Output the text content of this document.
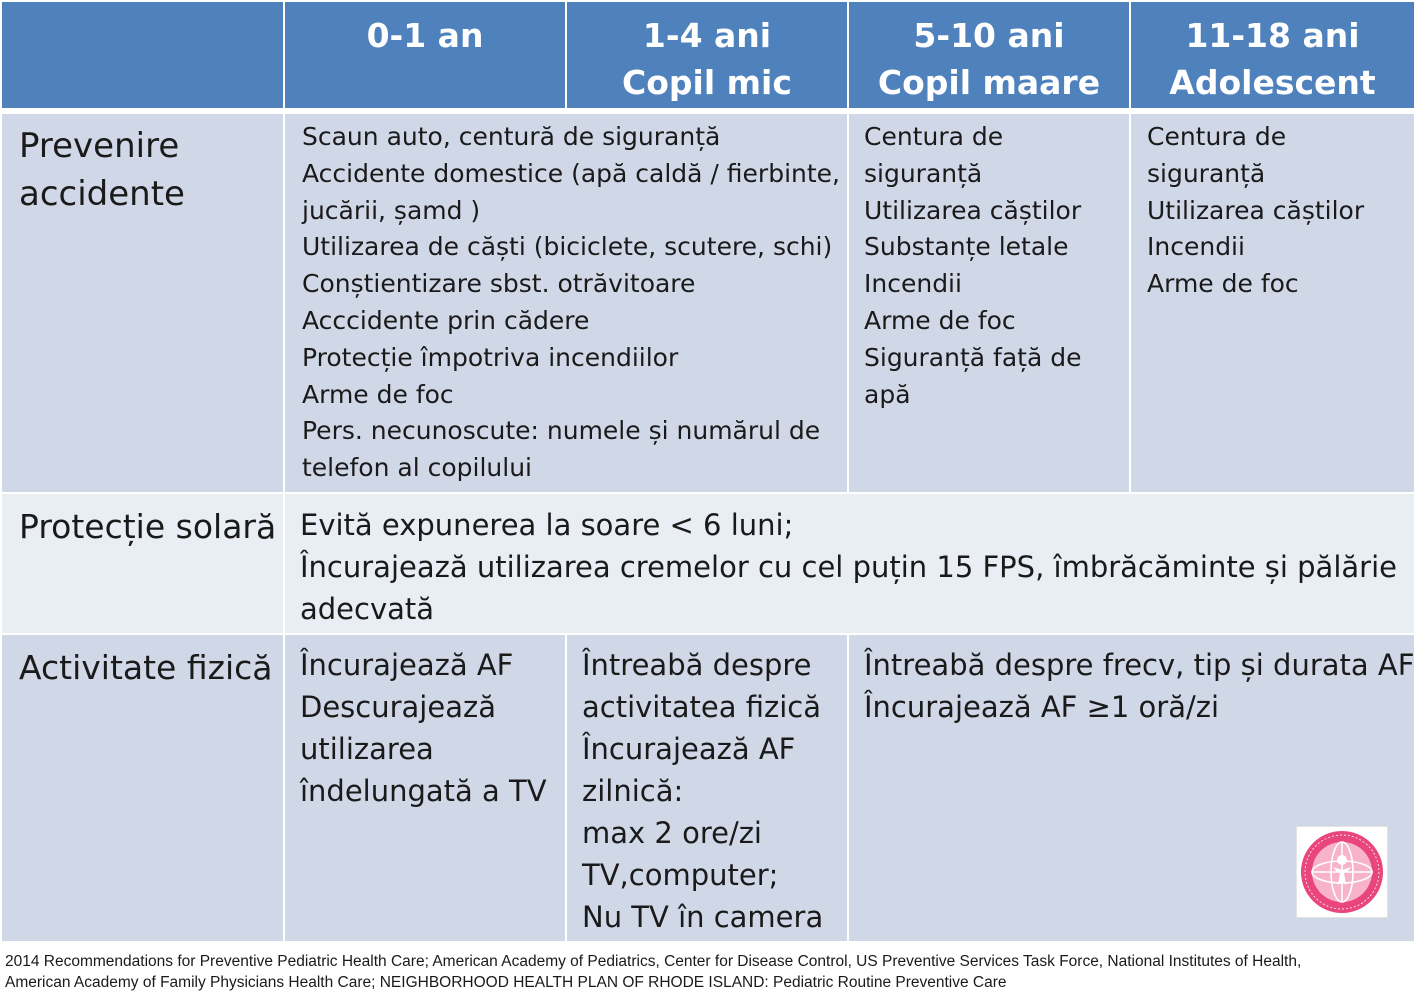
0-1 an	1-4 ani
Copil mic
5-10 ani
Copil maare
11-18 ani
Adolescent
Prevenire
accidente
Scaun auto, centură de siguranță
Accidente domestice (apă caldă / fierbinte,
jucării, șamd )
Utilizarea de căști (biciclete, scutere, schi)
Conștientizare sbst. otrăvitoare
Acccidente prin cădere
Protecție împotriva incendiilor
Arme de foc
Pers. necunoscute: numele și numărul de
telefon al copilului
Centura de
siguranță
Utilizarea căștilor
Substanțe letale
Incendii
Arme de foc
Siguranță față de
apă
Centura de
siguranță
Utilizarea căștilor
Incendii
Arme de foc
Protecție solară Evită expunerea la soare < 6 luni;
Încurajează utilizarea cremelor cu cel puțin 15 FPS, îmbrăcăminte și pălărie
adecvată
Activitate fizică Încurajează AF
Descurajează
utilizarea
îndelungată a TV
Întreabă despre
activitatea fizică
Încurajează AF
zilnică:
max 2 ore/zi
TV,computer;
Nu TV în camera
Întreabă despre frecv, tip și durata AF
Încurajează AF ≥1 oră/zi
2014 Recommendations for Preventive Pediatric Health Care; American Academy of Pediatrics, Center for Disease Control, US Preventive Services Task Force, National Institutes of Health,
American Academy of Family Physicians Health Care; NEIGHBORHOOD HEALTH PLAN OF RHODE ISLAND: Pediatric Routine Preventive Care
